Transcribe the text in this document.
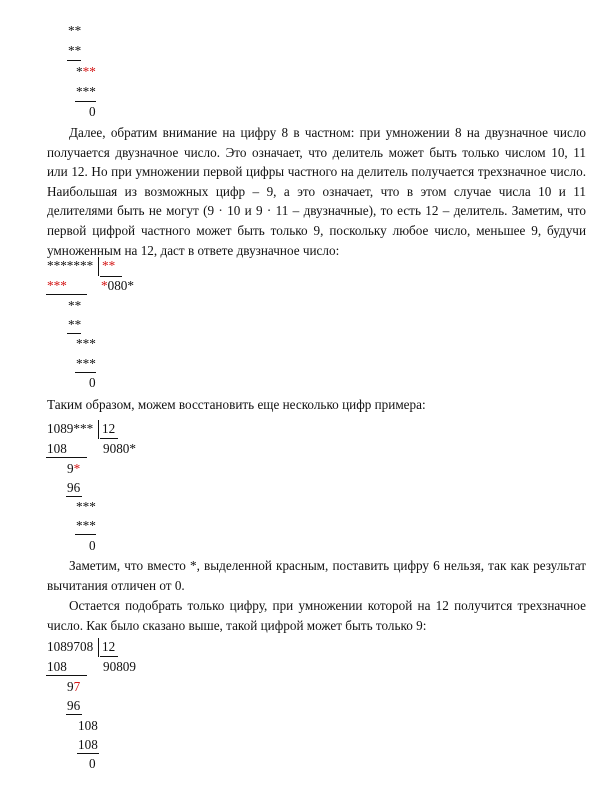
**
**
***
***
0
Далее, обратим внимание на цифру 8 в частном: при умножении 8 на двузначное число
получается двузначное число. Это означает, что делитель может быть только числом 10, 11
или 12. Но при умножении первой цифры частного на делитель получается трехзначное число.
Наибольшая из возможных цифр – 9, а это означает, что в этом случае числа 10 и 11
делителями быть не могут (9 · 10 и 9 · 11 – двузначные), то есть 12 – делитель. Заметим, что
первой цифрой частного может быть только 9, поскольку любое число, меньшее 9, будучи
умноженным на 12, даст в ответе двузначное число:
******* **
***	*080*
**
**
***
***
0
Таким образом, можем восстановить еще несколько цифр примера:
1089*** 12
108	9080*
9*
96
***
***
0
Заметим, что вместо *, выделенной красным, поставить цифру 6 нельзя, так как результат
вычитания отличен от 0.
Остается подобрать только цифру, при умножении которой на 12 получится трехзначное
число. Как было сказано выше, такой цифрой может быть только 9:
1089708 12
108	90809
97
96
108
108
0
